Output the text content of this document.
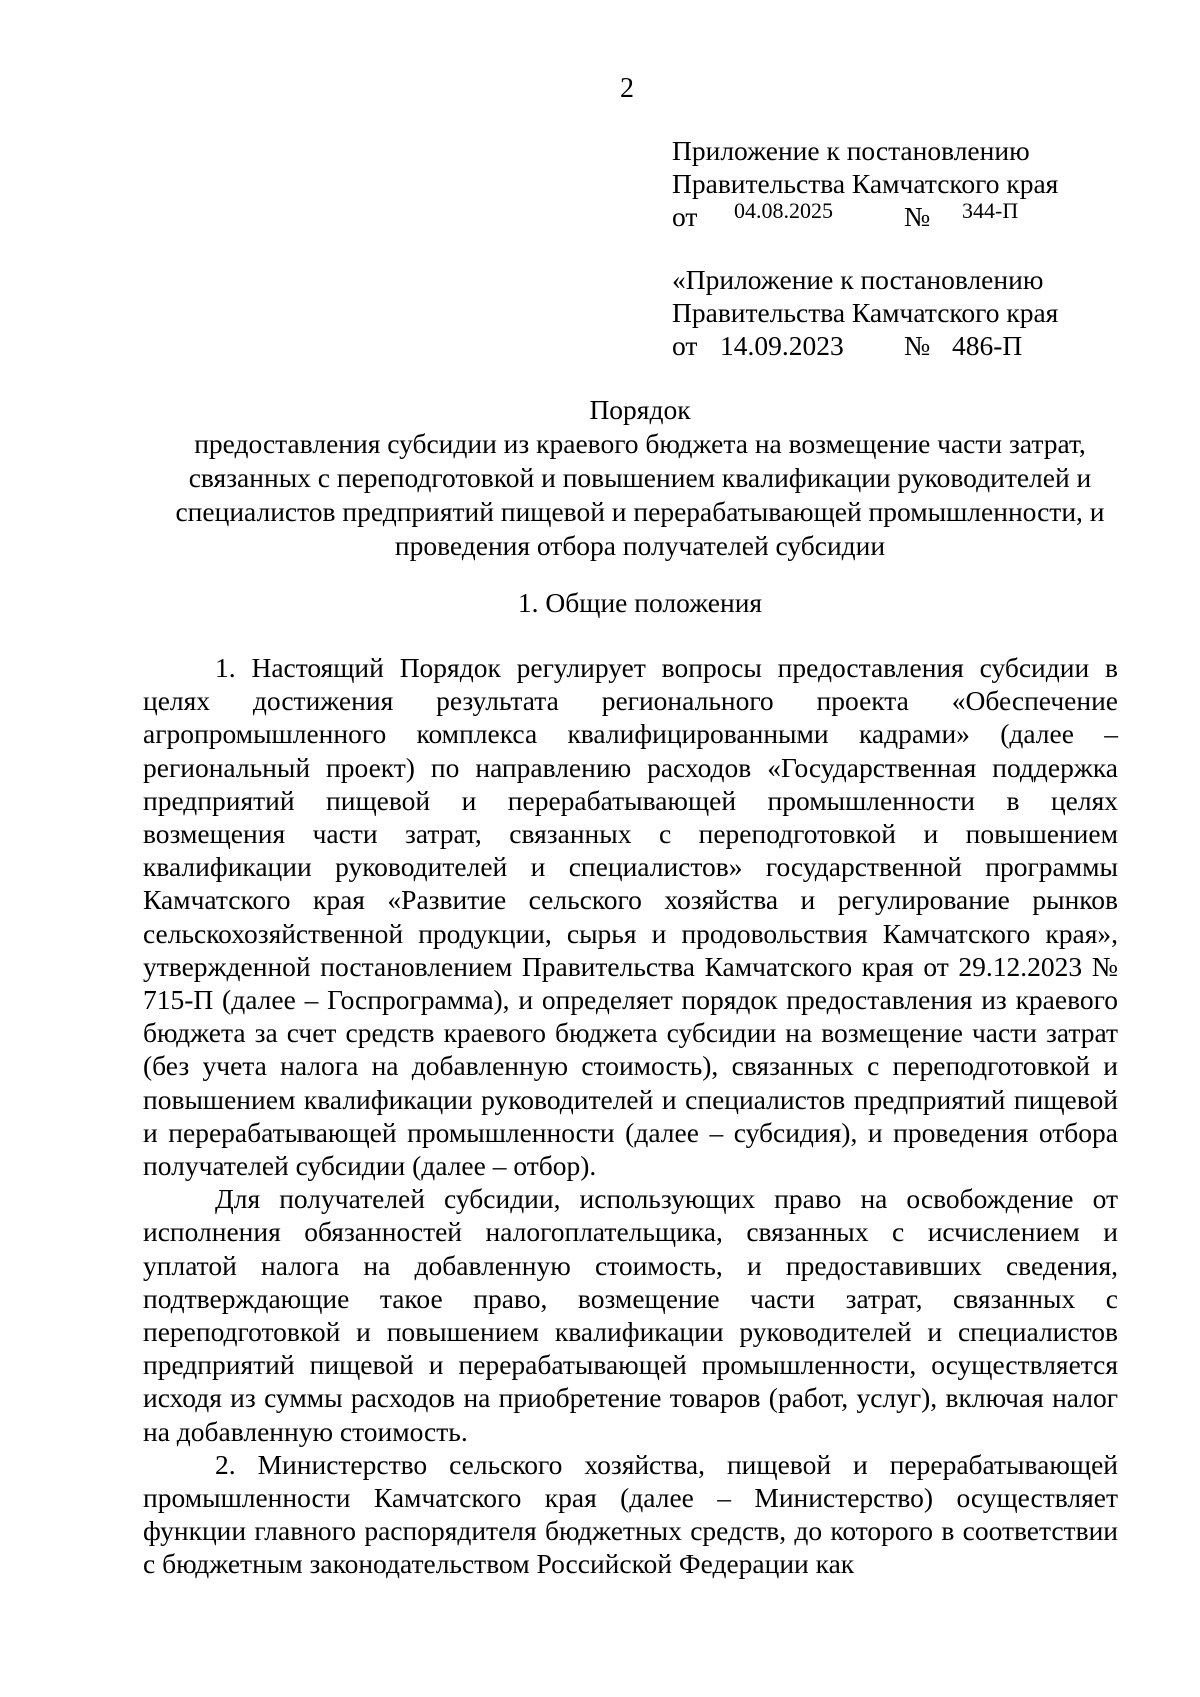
2
Приложение к постановлению
Правительства Камчатского края
от 04.08.2025	№ 344-П
«Приложение к постановлению
Правительства Камчатского края
от 14.09.2023 № 486-П
Порядок
предоставления субсидии из краевого бюджета на возмещение части затрат,
связанных с переподготовкой и повышением квалификации руководителей и
специалистов предприятий пищевой и перерабатывающей промышленности, и
проведения отбора получателей субсидии
1. Общие положения

1. Настоящий Порядок регулирует вопросы предоставления субсидии в целях достижения результата регионального проекта «Обеспечение агропромышленного комплекса квалифицированными кадрами» (далее – региональный проект) по направлению расходов «Государственная поддержка предприятий пищевой и перерабатывающей промышленности в целях возмещения части затрат, связанных с переподготовкой и повышением квалификации руководителей и специалистов» государственной программы Камчатского края «Развитие сельского хозяйства и регулирование рынков сельскохозяйственной продукции, сырья и продовольствия Камчатского края», утвержденной постановлением Правительства Камчатского края от 29.12.2023 № 715-П (далее – Госпрограмма), и определяет порядок предоставления из краевого бюджета за счет средств краевого бюджета субсидии на возмещение части затрат (без учета налога на добавленную стоимость), связанных с переподготовкой и повышением квалификации руководителей и специалистов предприятий пищевой и перерабатывающей промышленности (далее – субсидия), и проведения отбора получателей субсидии (далее – отбор).

Для получателей субсидии, использующих право на освобождение от исполнения обязанностей налогоплательщика, связанных с исчислением и уплатой налога на добавленную стоимость, и предоставивших сведения, подтверждающие такое право, возмещение части затрат, связанных с переподготовкой и повышением квалификации руководителей и специалистов предприятий пищевой и перерабатывающей промышленности, осуществляется исходя из суммы расходов на приобретение товаров (работ, услуг), включая налог на добавленную стоимость.

2. Министерство сельского хозяйства, пищевой и перерабатывающей промышленности Камчатского края (далее – Министерство) осуществляет функции главного распорядителя бюджетных средств, до которого в соответствии с бюджетным законодательством Российской Федерации как
